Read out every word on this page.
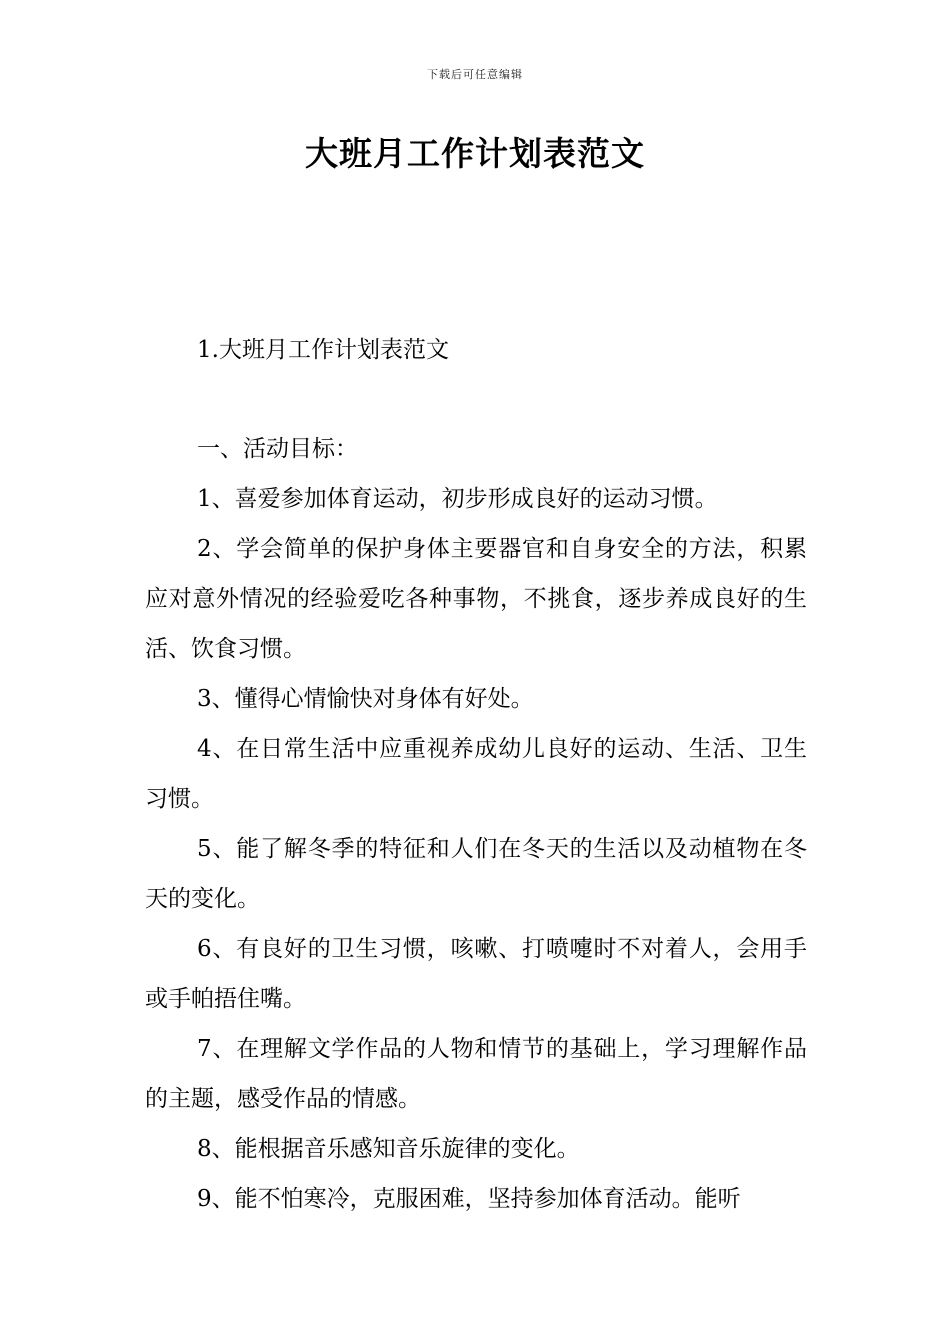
下载后可任意编辑
大班月工作计划表范文
1.大班月工作计划表范文

一、活动目标：

1、喜爱参加体育运动，初步形成良好的运动习惯。

2、学会简单的保护身体主要器官和自身安全的方法，积累应对意外情况的经验爱吃各种事物，不挑食，逐步养成良好的生活、饮食习惯。

3、懂得心情愉快对身体有好处。

4、在日常生活中应重视养成幼儿良好的运动、生活、卫生习惯。

5、能了解冬季的特征和人们在冬天的生活以及动植物在冬天的变化。

6、有良好的卫生习惯，咳嗽、打喷嚏时不对着人，会用手或手帕捂住嘴。

7、在理解文学作品的人物和情节的基础上，学习理解作品的主题，感受作品的情感。

8、能根据音乐感知音乐旋律的变化。

9、能不怕寒冷，克服困难，坚持参加体育活动。能听
